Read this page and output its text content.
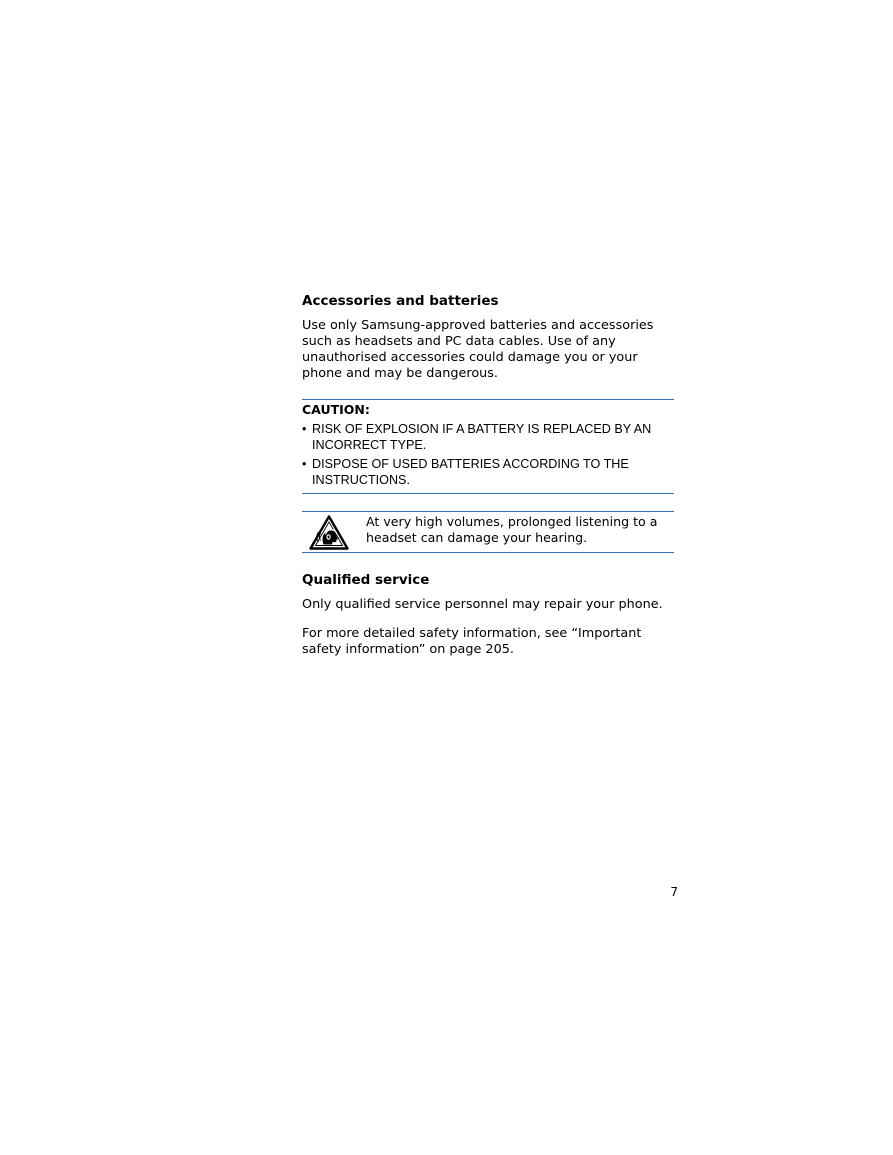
Accessories and batteries

Use only Samsung-approved batteries and accessories such as headsets and PC data cables. Use of any unauthorised accessories could damage you or your phone and may be dangerous.

CAUTION:

• RISK OF EXPLOSION IF A BATTERY IS REPLACED BY AN INCORRECT TYPE.
• DISPOSE OF USED BATTERIES ACCORDING TO THE INSTRUCTIONS.

At very high volumes, prolonged listening to a headset can damage your hearing.

Qualified service

Only qualified service personnel may repair your phone.

For more detailed safety information, see “Important safety information” on page 205.

7
